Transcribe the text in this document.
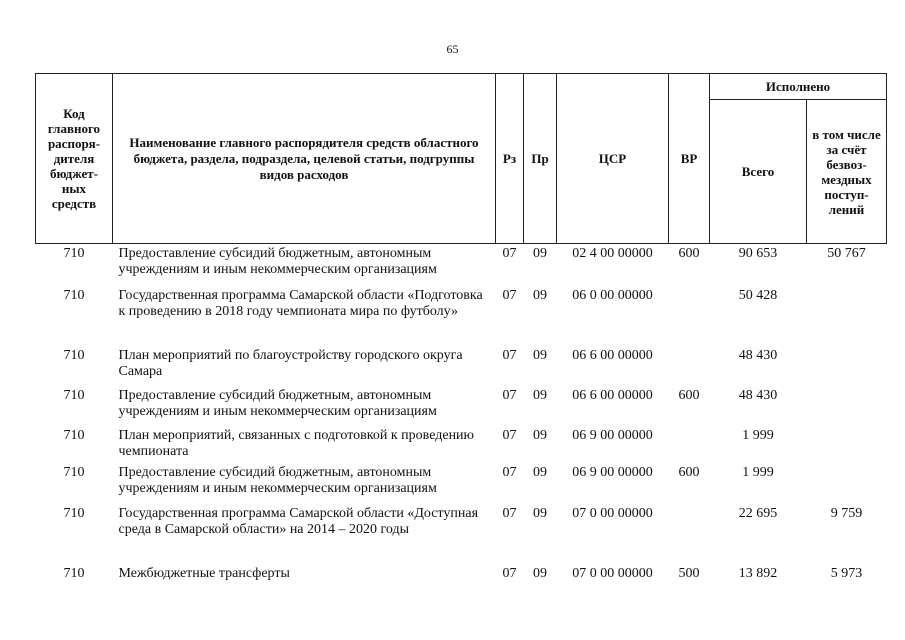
65
Код главного распоря-дителя бюджет-ных средств	Наименование главного распорядителя средств областного бюджета, раздела, подраздела, целевой статьи, подгруппы видов расходов	Рз	Пр	ЦСР	ВР	Исполнено	
						Всего	в том числе за счёт безвоз-мездных поступ-лений
710	Предоставление субсидий бюджетным, автономным учреждениям и иным некоммерческим организациям	07	09	02 4 00 00000	600	90 653	50 767
710	Государственная программа Самарской области «Подготовка к проведению в 2018 году чемпионата мира по футболу»	07	09	06 0 00 00000		50 428	
710	План мероприятий по благоустройству городского округа Самара	07	09	06 6 00 00000		48 430	
710	Предоставление субсидий бюджетным, автономным учреждениям и иным некоммерческим организациям	07	09	06 6 00 00000	600	48 430	
710	План мероприятий, связанных с подготовкой к проведению чемпионата	07	09	06 9 00 00000		1 999	
710	Предоставление субсидий бюджетным, автономным учреждениям и иным некоммерческим организациям	07	09	06 9 00 00000	600	1 999	
710	Государственная программа Самарской области «Доступная среда в Самарской области» на 2014 – 2020 годы	07	09	07 0 00 00000		22 695	9 759
710	Межбюджетные трансферты	07	09	07 0 00 00000	500	13 892	5 973
